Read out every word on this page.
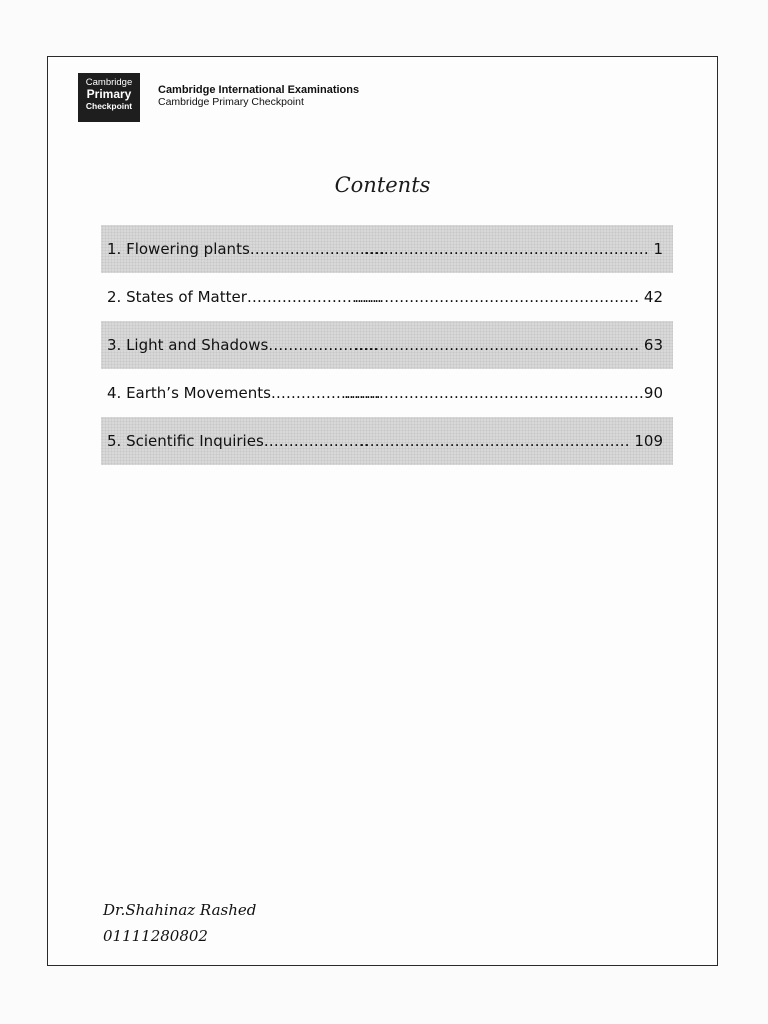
Cambridge
Primary
Checkpoint
Cambridge International Examinations
Cambridge Primary Checkpoint
Contents
1. Flowering plants………………………
………………………………………………… 1
2. States of Matter………………………
………………………………………………… 42
3. Light and Shadows………………….
………………………………………………… 63
4. Earth’s Movements………………….
……………………………………………………90
5. Scientific Inquiries…………………
……………………………………………… 109
Dr.Shahinaz Rashed
01111280802
